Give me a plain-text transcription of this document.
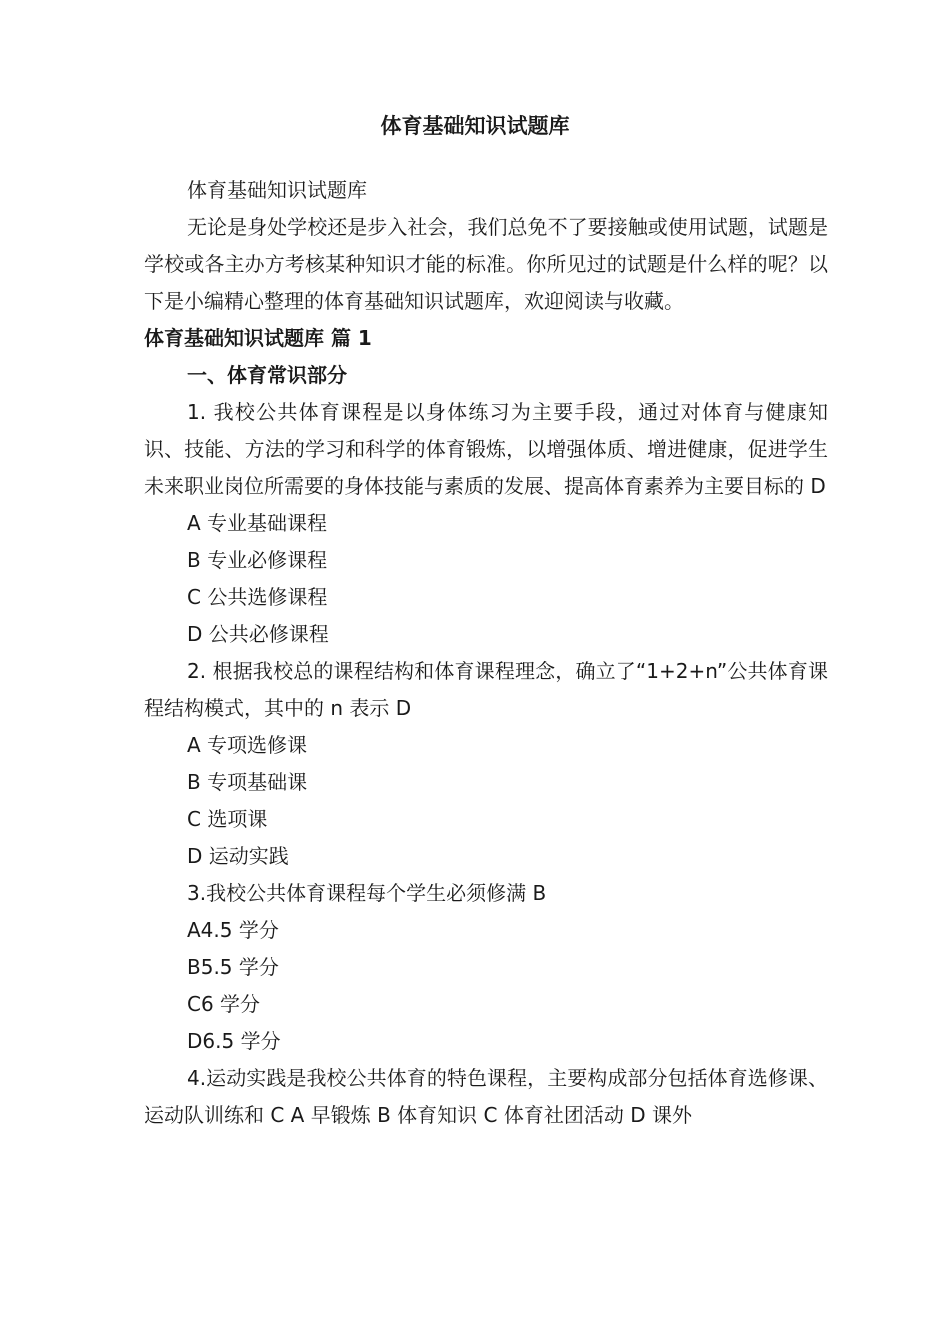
体育基础知识试题库

体育基础知识试题库

无论是身处学校还是步入社会，我们总免不了要接触或使用试题，试题是学校或各主办方考核某种知识才能的标准。你所见过的试题是什么样的呢？以下是小编精心整理的体育基础知识试题库，欢迎阅读与收藏。

体育基础知识试题库 篇 1

一、体育常识部分

1. 我校公共体育课程是以身体练习为主要手段，通过对体育与健康知识、技能、方法的学习和科学的体育锻炼，以增强体质、增进健康，促进学生未来职业岗位所需要的身体技能与素质的发展、提高体育素养为主要目标的 D

A 专业基础课程

B 专业必修课程

C 公共选修课程

D 公共必修课程

2. 根据我校总的课程结构和体育课程理念，确立了“1+2+n”公共体育课程结构模式，其中的 n 表示 D

A 专项选修课

B 专项基础课

C 选项课

D 运动实践

3.我校公共体育课程每个学生必须修满 B

A4.5 学分

B5.5 学分

C6 学分

D6.5 学分

4.运动实践是我校公共体育的特色课程，主要构成部分包括体育选修课、运动队训练和 C A 早锻炼 B 体育知识 C 体育社团活动 D 课外
